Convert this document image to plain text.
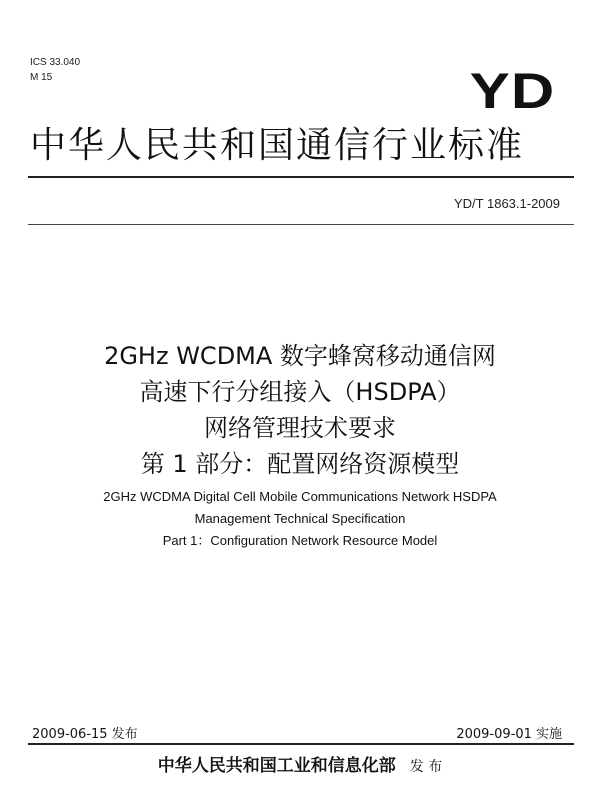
ICS 33.040
M 15	YD
中华人民共和国通信行业标准
YD/T 1863.1-2009
2GHz WCDMA 数字蜂窝移动通信网
高速下行分组接入（HSDPA）
网络管理技术要求
第 1 部分：配置网络资源模型
2GHz WCDMA Digital Cell Mobile Communications Network HSDPA
Management Technical Specification
Part 1：Configuration Network Resource Model
2009-06-15 发布	2009-09-01 实施
中华人民共和国工业和信息化部 发 布
